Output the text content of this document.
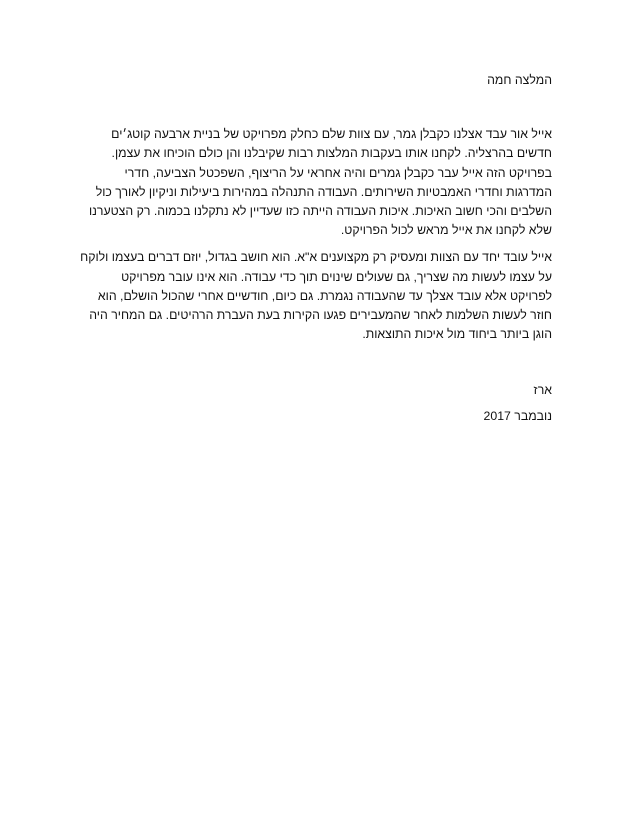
המלצה חמה

אייל אור עבד אצלנו כקבלן גמר, עם צוות שלם כחלק מפרויקט של בניית ארבעה קוטג׳ים חדשים בהרצליה. לקחנו אותו בעקבות המלצות רבות שקיבלנו והן כולם הוכיחו את עצמן. בפרויקט הזה אייל עבר כקבלן גמרים והיה אחראי על הריצוף, השפכטל הצביעה, חדרי המדרגות וחדרי האמבטיות השירותים. העבודה התנהלה במהירות ביעילות וניקיון לאורך כול השלבים והכי חשוב האיכות. איכות העבודה הייתה כזו שעדיין לא נתקלנו בכמוה. רק הצטערנו שלא לקחנו את אייל מראש לכול הפרויקט.

אייל עובד יחד עם הצוות ומעסיק רק מקצוענים א"א. הוא חושב בגדול, יוזם דברים בעצמו ולוקח על עצמו לעשות מה שצריך, גם שעולים שינוים תוך כדי עבודה. הוא אינו עובר מפרויקט לפרויקט אלא עובד אצלך עד שהעבודה נגמרת. גם כיום, חודשיים אחרי שהכול הושלם, הוא חוזר לעשות השלמות לאחר שהמעבירים פגעו הקירות בעת העברת הרהיטים. גם המחיר היה הוגן ביותר ביחוד מול איכות התוצאות.

ארז

נובמבר 2017
